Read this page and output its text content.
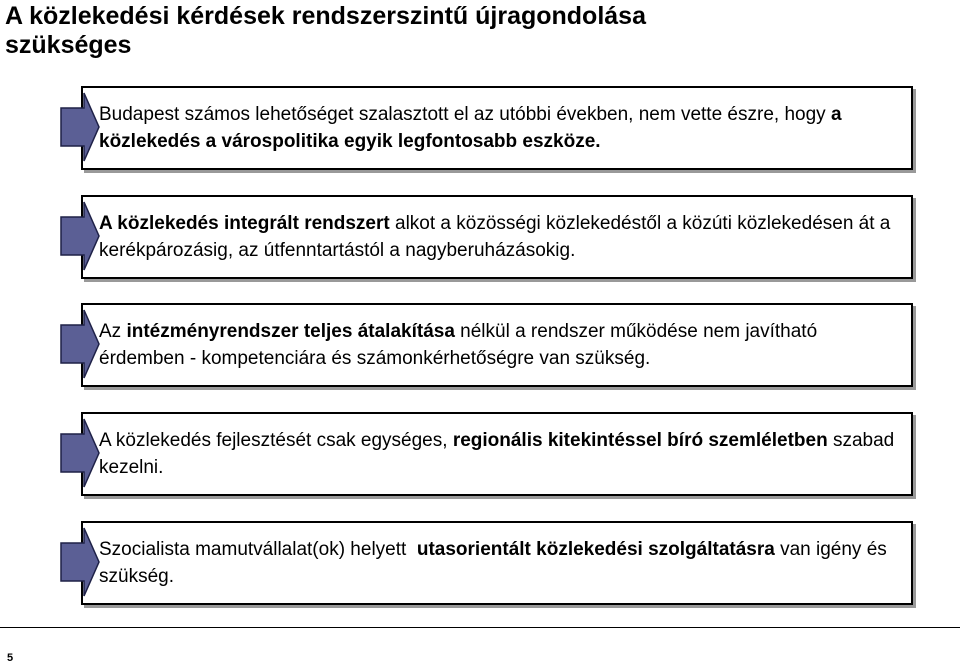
A közlekedési kérdések rendszerszintű újragondolása
szükséges
Budapest számos lehetőséget szalasztott el az utóbbi években, nem vette észre, hogy a közlekedés a várospolitika egyik legfontosabb eszköze.
A közlekedés integrált rendszert alkot a közösségi közlekedéstől a közúti közlekedésen át a kerékpározásig, az útfenntartástól a nagyberuházásokig.
Az intézményrendszer teljes átalakítása nélkül a rendszer működése nem javítható érdemben - kompetenciára és számonkérhetőségre van szükség.
A közlekedés fejlesztését csak egységes, regionális kitekintéssel bíró szemléletben szabad kezelni.
Szocialista mamutvállalat(ok) helyett  utasorientált közlekedési szolgáltatásra van igény és szükség.
5
